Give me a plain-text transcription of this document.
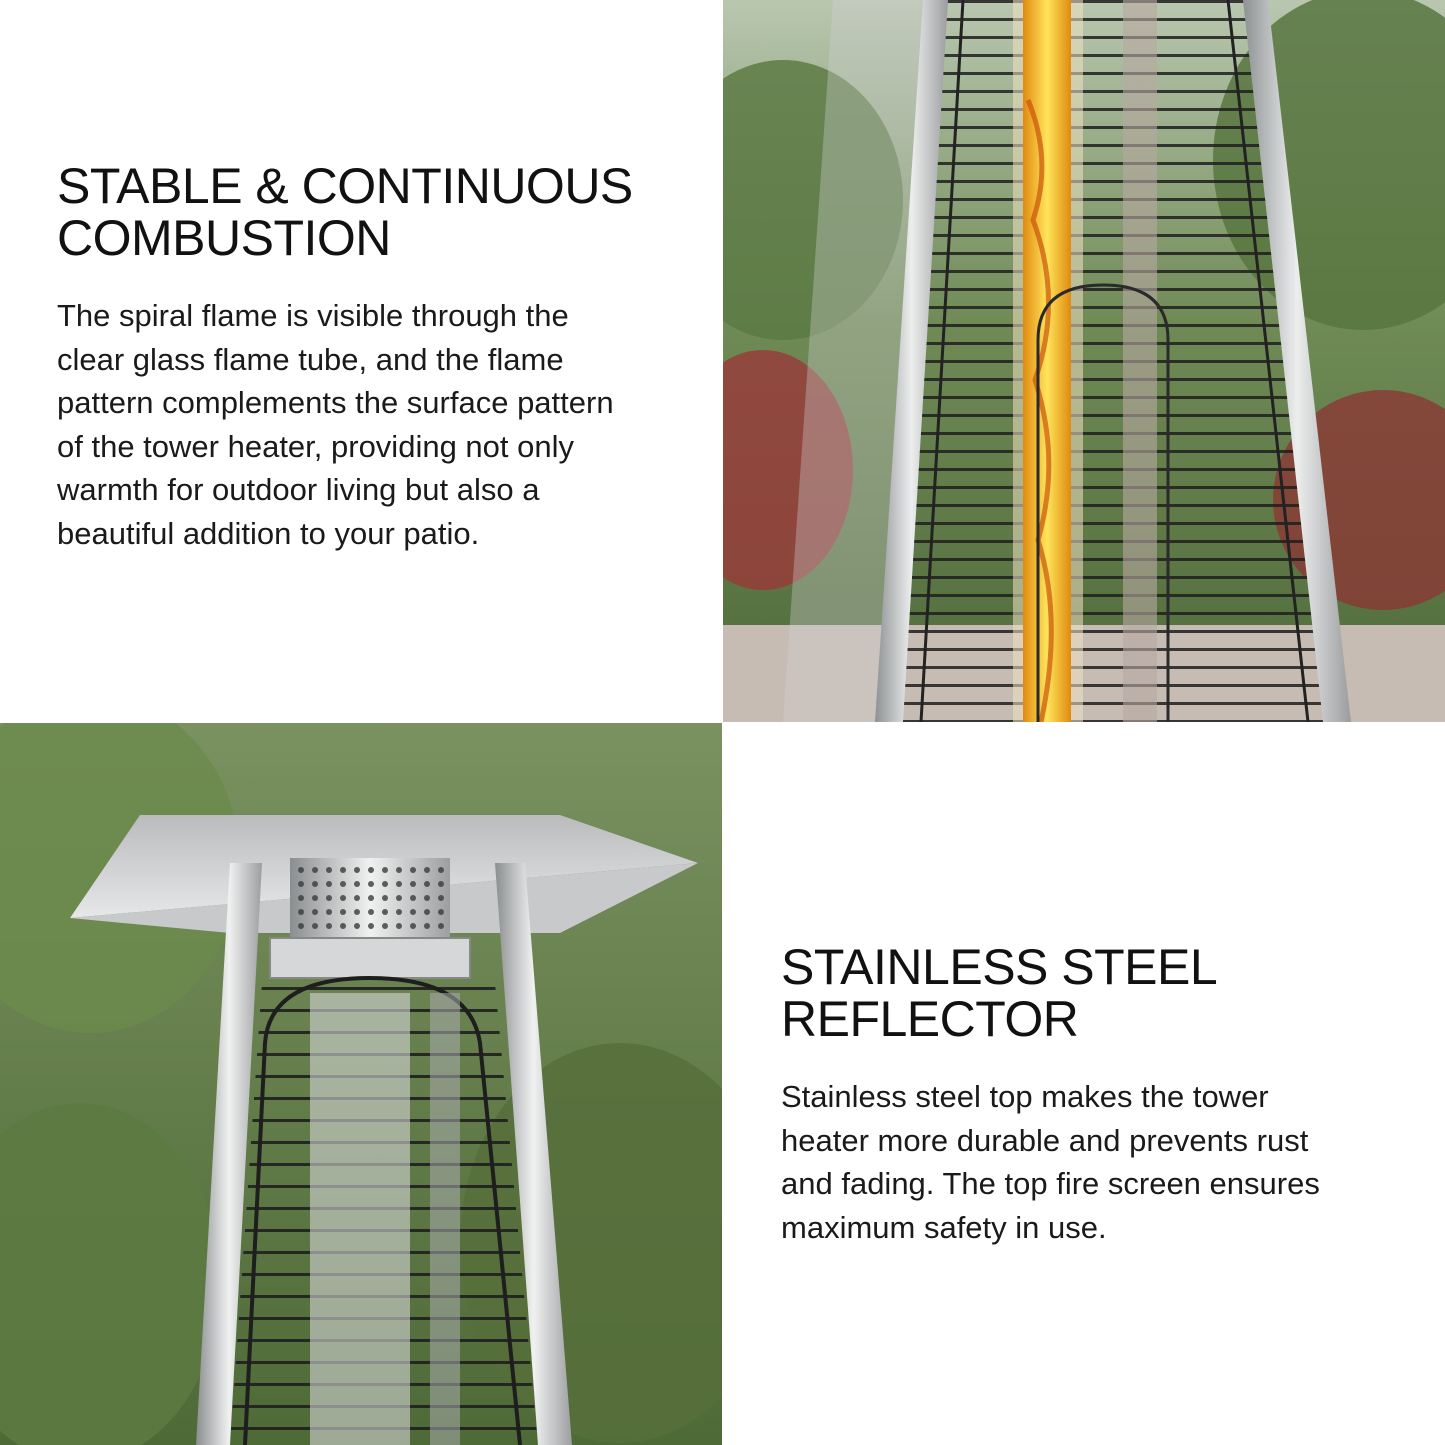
STABLE & CONTINUOUS
COMBUSTION

The spiral flame is visible through the
clear glass flame tube, and the flame
pattern complements the surface pattern
of the tower heater, providing not only
warmth for outdoor living but also a
beautiful addition to your patio.

STAINLESS STEEL
REFLECTOR

Stainless steel top makes the tower
heater more durable and prevents rust
and fading. The top fire screen ensures
maximum safety in use.
